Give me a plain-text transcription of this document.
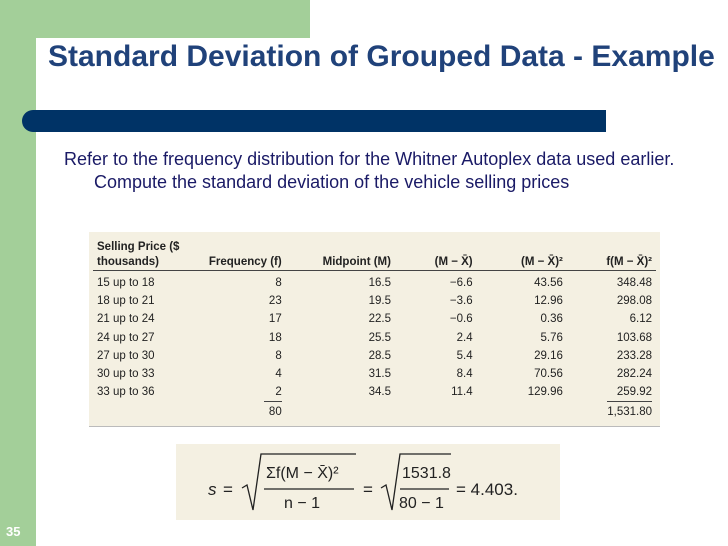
Standard Deviation of Grouped Data - Example

Refer to the frequency distribution for the Whitner Autoplex data used earlier. Compute the standard deviation of the vehicle selling prices

Selling Price ($ thousands)	Frequency (f)	Midpoint (M)	(M − X̄)	(M − X̄)²	f(M − X̄)²
15 up to 18	8	16.5	−6.6	43.56	348.48
18 up to 21	23	19.5	−3.6	12.96	298.08
21 up to 24	17	22.5	−0.6	0.36	6.12
24 up to 27	18	25.5	2.4	5.76	103.68
27 up to 30	8	28.5	5.4	29.16	233.28
30 up to 33	4	31.5	8.4	70.56	282.24
33 up to 36	2	34.5	11.4	129.96	259.92
	80				1,531.80
s =
Σf(M − X̄)²
n − 1
=
1531.8
80 − 1
= 4.403.
35
